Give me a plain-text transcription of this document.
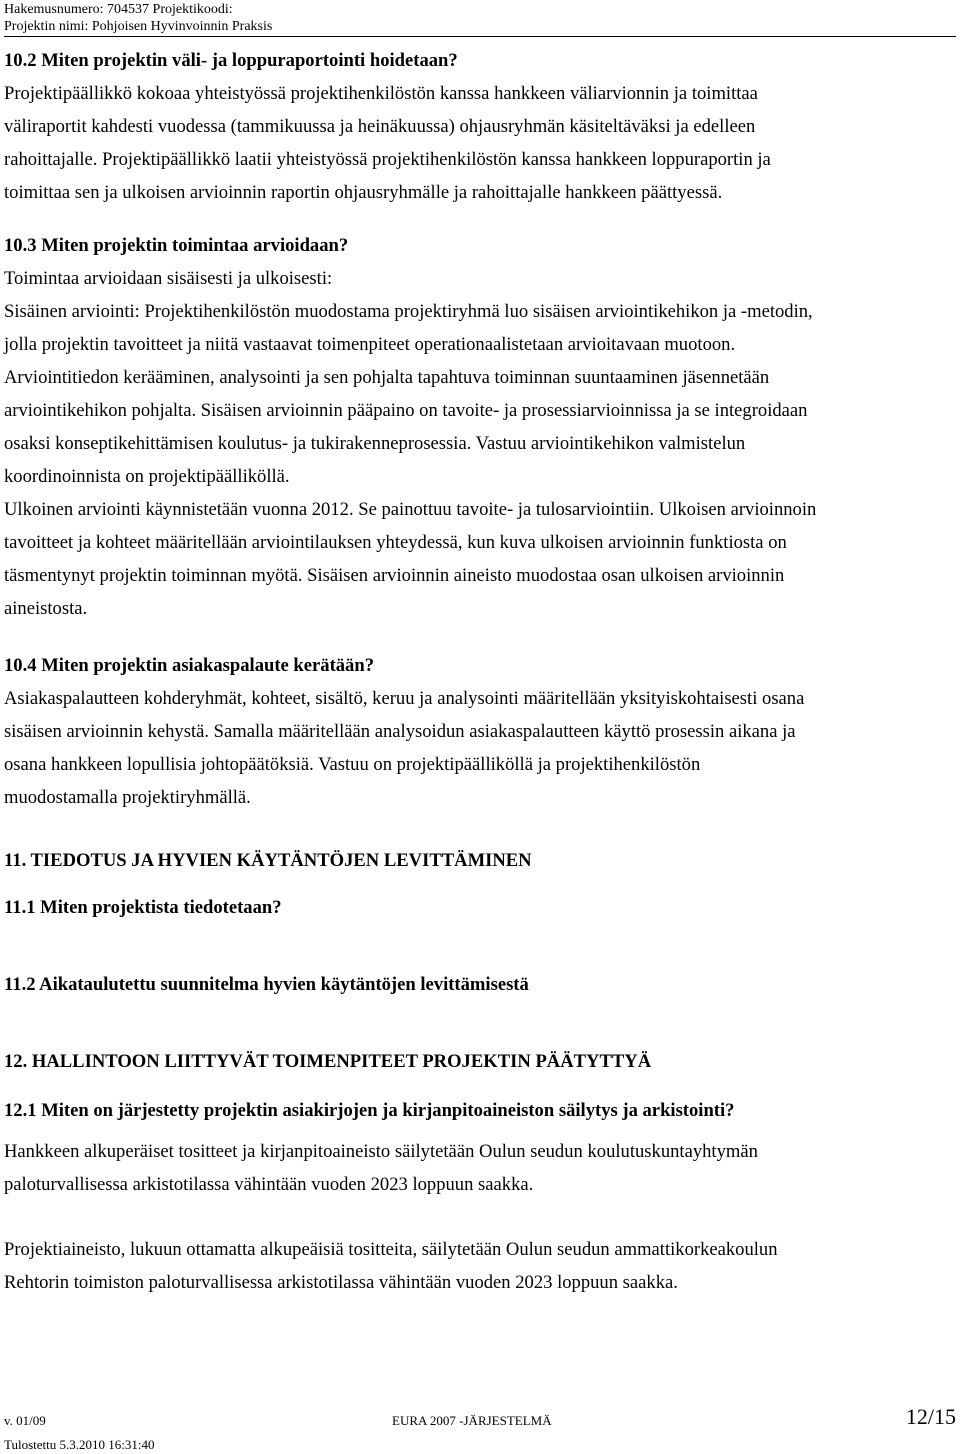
Hakemusnumero: 704537 Projektikoodi:
Projektin nimi: Pohjoisen Hyvinvoinnin Praksis

10.2 Miten projektin väli- ja loppuraportointi hoidetaan?

Projektipäällikkö kokoaa yhteistyössä projektihenkilöstön kanssa hankkeen väliarvionnin ja toimittaa

väliraportit kahdesti vuodessa (tammikuussa ja heinäkuussa) ohjausryhmän käsiteltäväksi ja edelleen

rahoittajalle. Projektipäällikkö laatii yhteistyössä projektihenkilöstön kanssa hankkeen loppuraportin ja

toimittaa sen ja ulkoisen arvioinnin raportin ohjausryhmälle ja rahoittajalle hankkeen päättyessä.

10.3 Miten projektin toimintaa arvioidaan?

Toimintaa arvioidaan sisäisesti ja ulkoisesti:

Sisäinen arviointi: Projektihenkilöstön muodostama projektiryhmä luo sisäisen arviointikehikon ja -metodin,

jolla projektin tavoitteet ja niitä vastaavat toimenpiteet operationaalistetaan arvioitavaan muotoon.

Arviointitiedon kerääminen, analysointi ja sen pohjalta tapahtuva toiminnan suuntaaminen jäsennetään

arviointikehikon pohjalta. Sisäisen arvioinnin pääpaino on tavoite- ja prosessiarvioinnissa ja se integroidaan

osaksi konseptikehittämisen koulutus- ja tukirakenneprosessia. Vastuu arviointikehikon valmistelun

koordinoinnista on projektipäälliköllä.

Ulkoinen arviointi käynnistetään vuonna 2012. Se painottuu tavoite- ja tulosarviointiin. Ulkoisen arvioinnoin

tavoitteet ja kohteet määritellään arviointilauksen yhteydessä, kun kuva ulkoisen arvioinnin funktiosta on

täsmentynyt projektin toiminnan myötä. Sisäisen arvioinnin aineisto muodostaa osan ulkoisen arvioinnin

aineistosta.

10.4 Miten projektin asiakaspalaute kerätään?

Asiakaspalautteen kohderyhmät, kohteet, sisältö, keruu ja analysointi määritellään yksityiskohtaisesti osana

sisäisen arvioinnin kehystä. Samalla määritellään analysoidun asiakaspalautteen käyttö prosessin aikana ja

osana hankkeen lopullisia johtopäätöksiä. Vastuu on projektipäälliköllä ja projektihenkilöstön

muodostamalla projektiryhmällä.

11. TIEDOTUS JA HYVIEN KÄYTÄNTÖJEN LEVITTÄMINEN

11.1 Miten projektista tiedotetaan?

11.2 Aikataulutettu suunnitelma hyvien käytäntöjen levittämisestä

12. HALLINTOON LIITTYVÄT TOIMENPITEET PROJEKTIN PÄÄTYTTYÄ

12.1 Miten on järjestetty projektin asiakirjojen ja kirjanpitoaineiston säilytys ja arkistointi?

Hankkeen alkuperäiset tositteet ja kirjanpitoaineisto säilytetään Oulun seudun koulutuskuntayhtymän

paloturvallisessa arkistotilassa vähintään vuoden 2023 loppuun saakka.

Projektiaineisto, lukuun ottamatta alkupeäisiä tositteita, säilytetään Oulun seudun ammattikorkeakoulun

Rehtorin toimiston paloturvallisessa arkistotilassa vähintään vuoden 2023 loppuun saakka.

v. 01/09	EURA 2007 -JÄRJESTELMÄ	12/15
Tulostettu 5.3.2010 16:31:40
